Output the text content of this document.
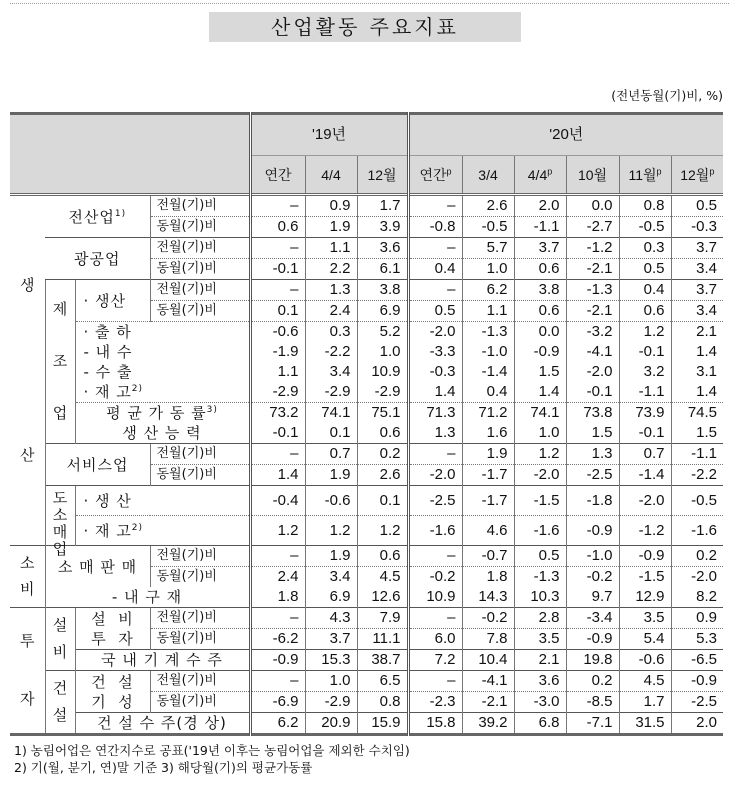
산업활동 주요지표
(전년동월(기)비, %)
				'19년			'20년					
				연간	4/4	12월	연간$^p$	3/4	4/4$^p$	10월	11월$^p$	12월$^p$

생
산	전산업$^{1)}$		전월(기)비	–	0.9	1.7	–	2.6	2.0	0.0	0.8	0.5
			동월(기)비	0.6	1.9	3.9	-0.8	-0.5	-1.1	-2.7	-0.5	-0.3
	광공업		전월(기)비	–	1.1	3.6	–	5.7	3.7	-1.2	0.3	3.7
			동월(기)비	-0.1	2.2	6.1	0.4	1.0	0.6	-2.1	0.5	3.4

	제
조
업	· 생산	전월(기)비	–	1.3	3.8	–	6.2	3.8	-1.3	0.4	3.7
			동월(기)비	0.1	2.4	6.9	0.5	1.1	0.6	-2.1	0.6	3.4
		· 출 하		-0.6	0.3	5.2	-2.0	-1.3	0.0	-3.2	1.2	2.1
		- 내 수		-1.9	-2.2	1.0	-3.3	-1.0	-0.9	-4.1	-0.1	1.4
		- 수 출		1.1	3.4	10.9	-0.3	-1.4	1.5	-2.0	3.2	3.1
		· 재 고$^{2)}$		-2.9	-2.9	-2.9	1.4	0.4	1.4	-0.1	-1.1	1.4
		평 균 가 동 률$^{3)}$		73.2	74.1	75.1	71.3	71.2	74.1	73.8	73.9	74.5
		생 산 능 력		-0.1	0.1	0.6	1.3	1.6	1.0	1.5	-0.1	1.5
	서비스업		전월(기)비	–	0.7	0.2	–	1.9	1.2	1.3	0.7	-1.1
			동월(기)비	1.4	1.9	2.6	-2.0	-1.7	-2.0	-2.5	-1.4	-2.2

	도
소
매
업	· 생 산		-0.4	-0.6	0.1	-2.5	-1.7	-1.5	-1.8	-2.0	-0.5
		· 재 고$^{2)}$		1.2	1.2	1.2	-1.6	4.6	-1.6	-0.9	-1.2	-1.6

소
비	소 매 판 매		전월(기)비	–	1.9	0.6	–	-0.7	0.5	-1.0	-0.9	0.2
			동월(기)비	2.4	3.4	4.5	-0.2	1.8	-1.3	-0.2	-1.5	-2.0
	- 내 구 재			1.8	6.9	12.6	10.9	14.3	10.3	9.7	12.9	8.2

투
자	설
비	설  비
투  자	전월(기)비	–	4.3	7.9	–	-0.2	2.8	-3.4	3.5	0.9
			동월(기)비	-6.2	3.7	11.1	6.0	7.8	3.5	-0.9	5.4	5.3
		국 내 기 계 수 주		-0.9	15.3	38.7	7.2	10.4	2.1	19.8	-0.6	-6.5

	건
설	건  설
기  성	전월(기)비	–	1.0	6.5	–	-4.1	3.6	0.2	4.5	-0.9
			동월(기)비	-6.9	-2.9	0.8	-2.3	-2.1	-3.0	-8.5	1.7	-2.5
		건 설 수 주(경 상)		6.2	20.9	15.9	15.8	39.2	6.8	-7.1	31.5	2.0
1) 농림어업은 연간지수로 공표('19년 이후는 농림어업을 제외한 수치임)
2) 기(월, 분기, 연)말 기준 3) 해당월(기)의 평균가동률
